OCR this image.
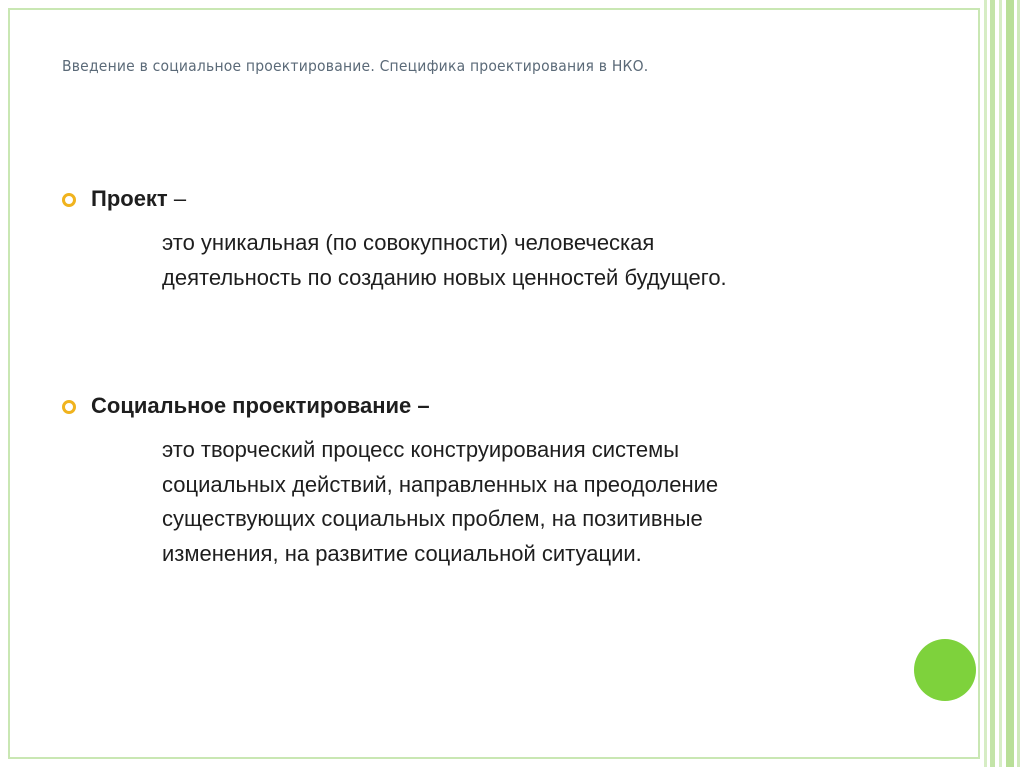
Введение в социальное проектирование. Специфика проектирования в НКО.
Проект –
это уникальная (по совокупности) человеческая
деятельность по созданию новых ценностей будущего.
Социальное проектирование –
это творческий процесс конструирования системы
социальных действий, направленных на преодоление
существующих социальных проблем, на позитивные
изменения, на развитие социальной ситуации.
